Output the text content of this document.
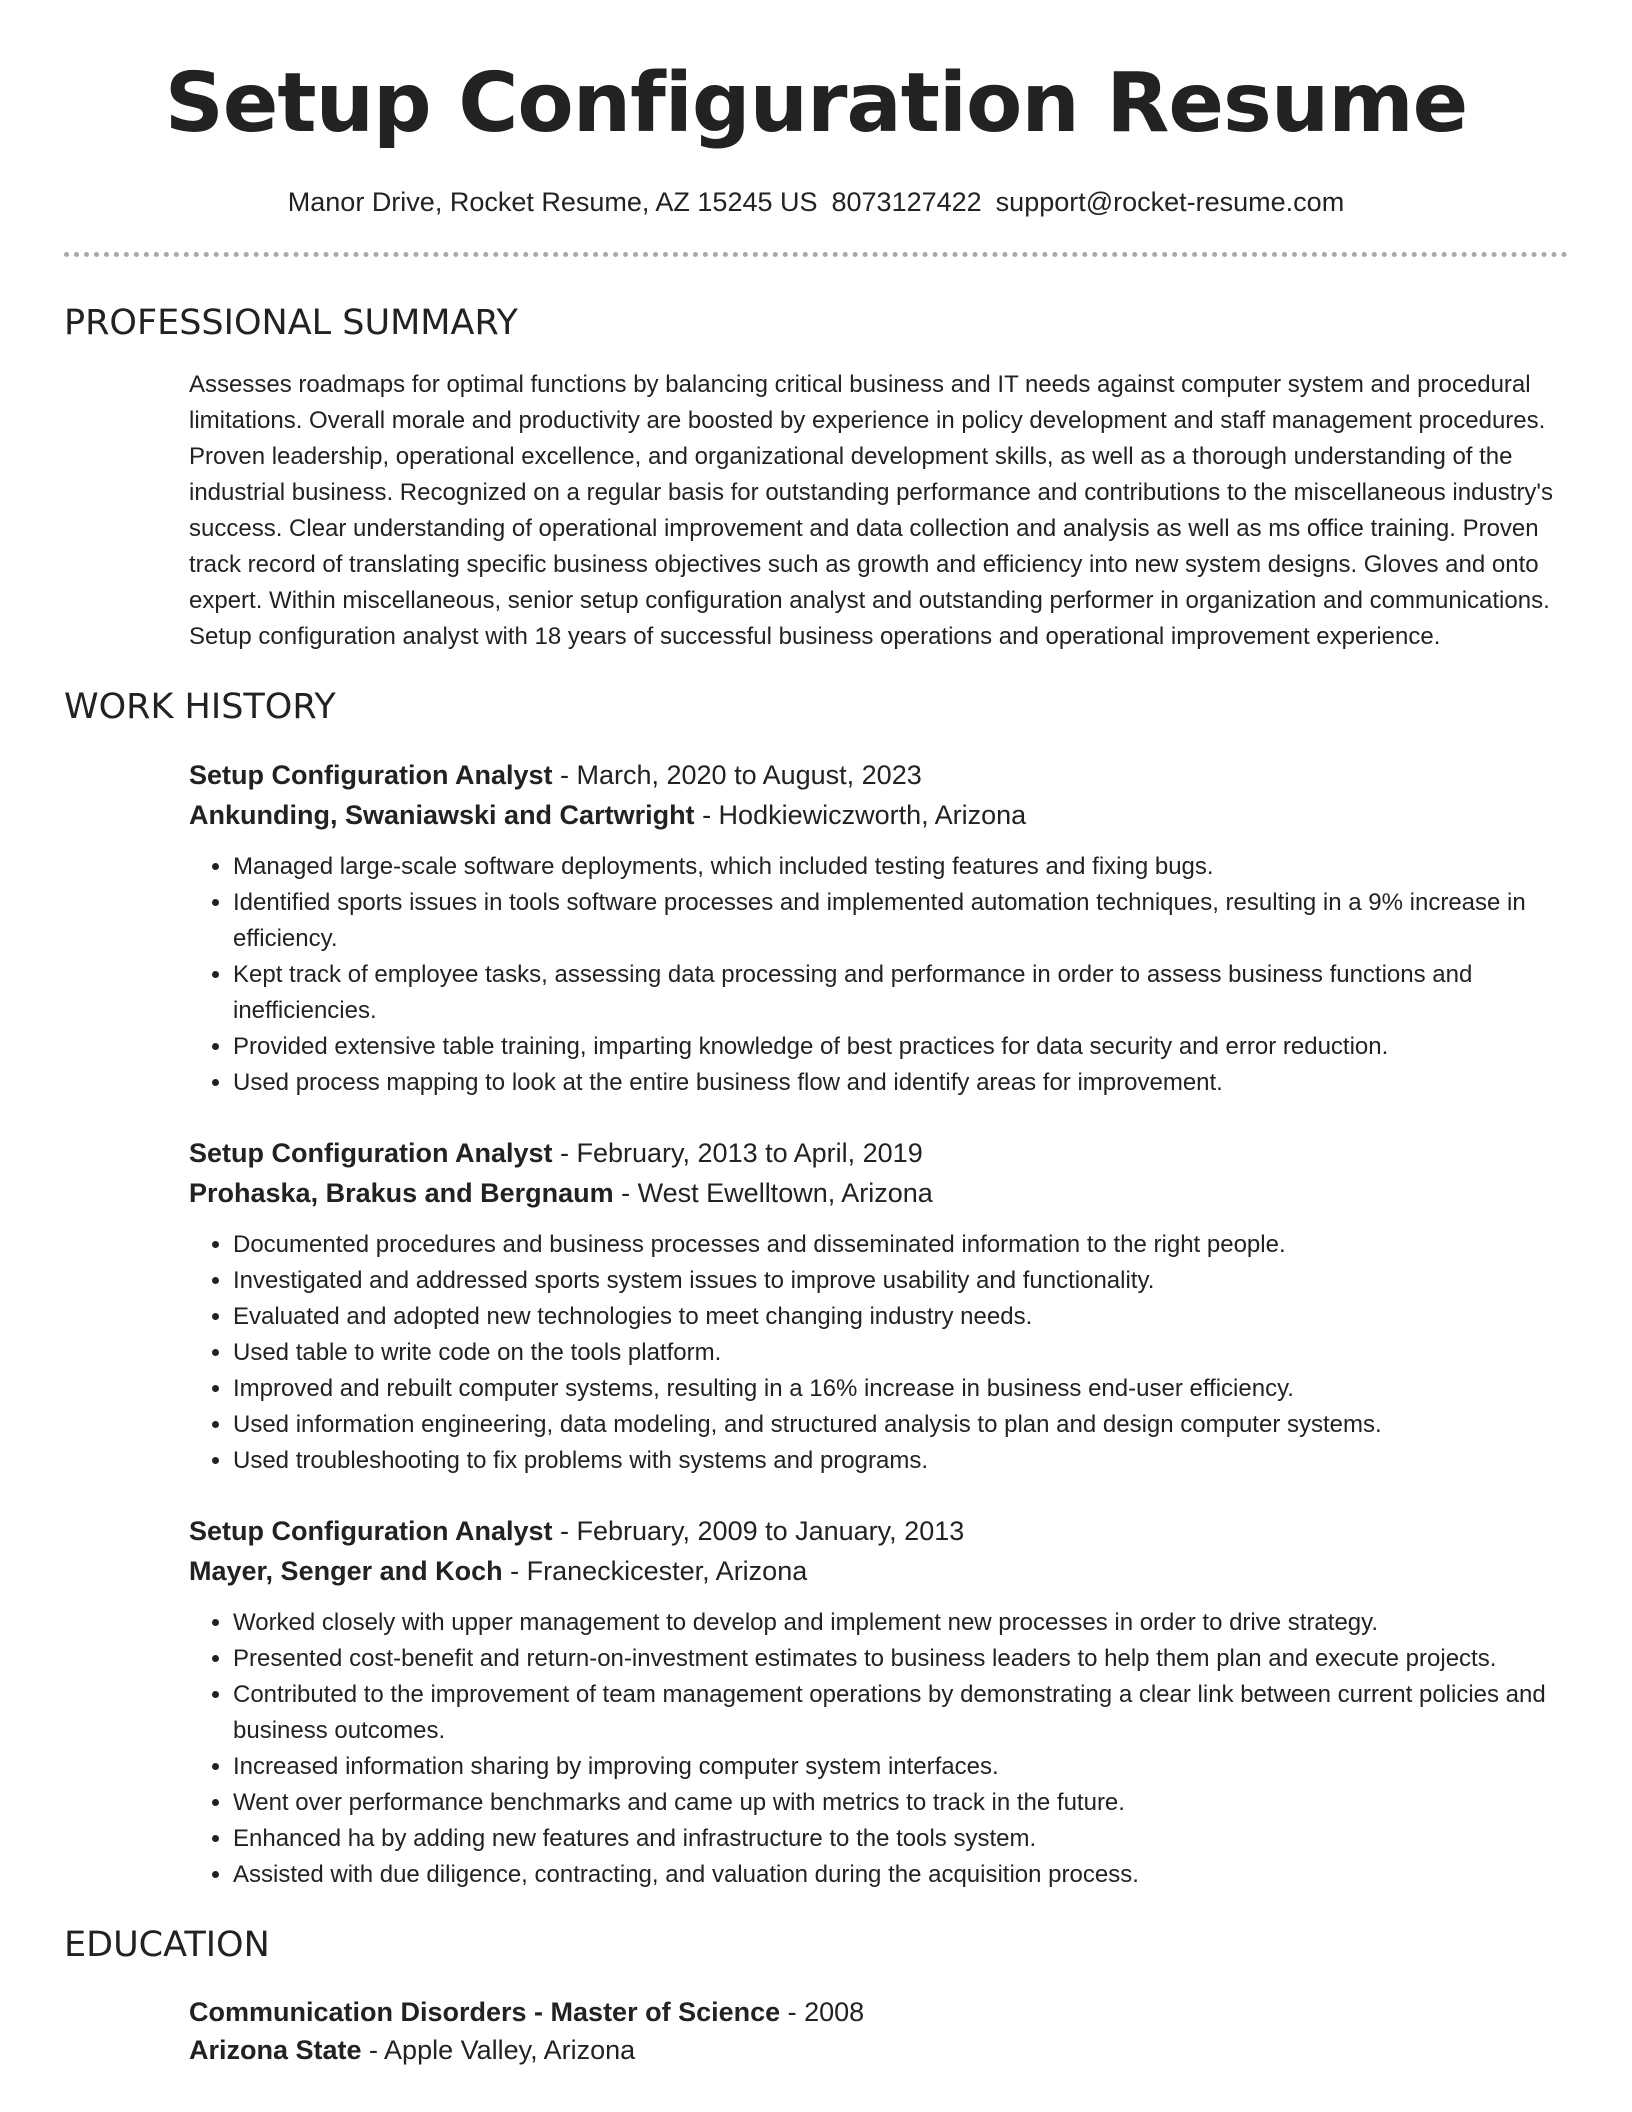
Setup Configuration Resume
Manor Drive, Rocket Resume, AZ 15245 US 8073127422 support@rocket-resume.com
PROFESSIONAL SUMMARY

Assesses roadmaps for optimal functions by balancing critical business and IT needs against computer system and procedural limitations. Overall morale and productivity are boosted by experience in policy development and staff management procedures. Proven leadership, operational excellence, and organizational development skills, as well as a thorough understanding of the industrial business. Recognized on a regular basis for outstanding performance and contributions to the miscellaneous industry's success. Clear understanding of operational improvement and data collection and analysis as well as ms office training. Proven track record of translating specific business objectives such as growth and efficiency into new system designs. Gloves and onto expert. Within miscellaneous, senior setup configuration analyst and outstanding performer in organization and communications. Setup configuration analyst with 18 years of successful business operations and operational improvement experience.

WORK HISTORY
Setup Configuration Analyst - March, 2020 to August, 2023
Ankunding, Swaniawski and Cartwright - Hodkiewiczworth, Arizona
• Managed large-scale software deployments, which included testing features and fixing bugs.
• Identified sports issues in tools software processes and implemented automation techniques, resulting in a 9% increase in efficiency.
• Kept track of employee tasks, assessing data processing and performance in order to assess business functions and inefficiencies.
• Provided extensive table training, imparting knowledge of best practices for data security and error reduction.
• Used process mapping to look at the entire business flow and identify areas for improvement.
Setup Configuration Analyst - February, 2013 to April, 2019
Prohaska, Brakus and Bergnaum - West Ewelltown, Arizona
• Documented procedures and business processes and disseminated information to the right people.
• Investigated and addressed sports system issues to improve usability and functionality.
• Evaluated and adopted new technologies to meet changing industry needs.
• Used table to write code on the tools platform.
• Improved and rebuilt computer systems, resulting in a 16% increase in business end-user efficiency.
• Used information engineering, data modeling, and structured analysis to plan and design computer systems.
• Used troubleshooting to fix problems with systems and programs.
Setup Configuration Analyst - February, 2009 to January, 2013
Mayer, Senger and Koch - Franeckicester, Arizona
• Worked closely with upper management to develop and implement new processes in order to drive strategy.
• Presented cost-benefit and return-on-investment estimates to business leaders to help them plan and execute projects.
• Contributed to the improvement of team management operations by demonstrating a clear link between current policies and business outcomes.
• Increased information sharing by improving computer system interfaces.
• Went over performance benchmarks and came up with metrics to track in the future.
• Enhanced ha by adding new features and infrastructure to the tools system.
• Assisted with due diligence, contracting, and valuation during the acquisition process.
EDUCATION
Communication Disorders - Master of Science - 2008
Arizona State - Apple Valley, Arizona
